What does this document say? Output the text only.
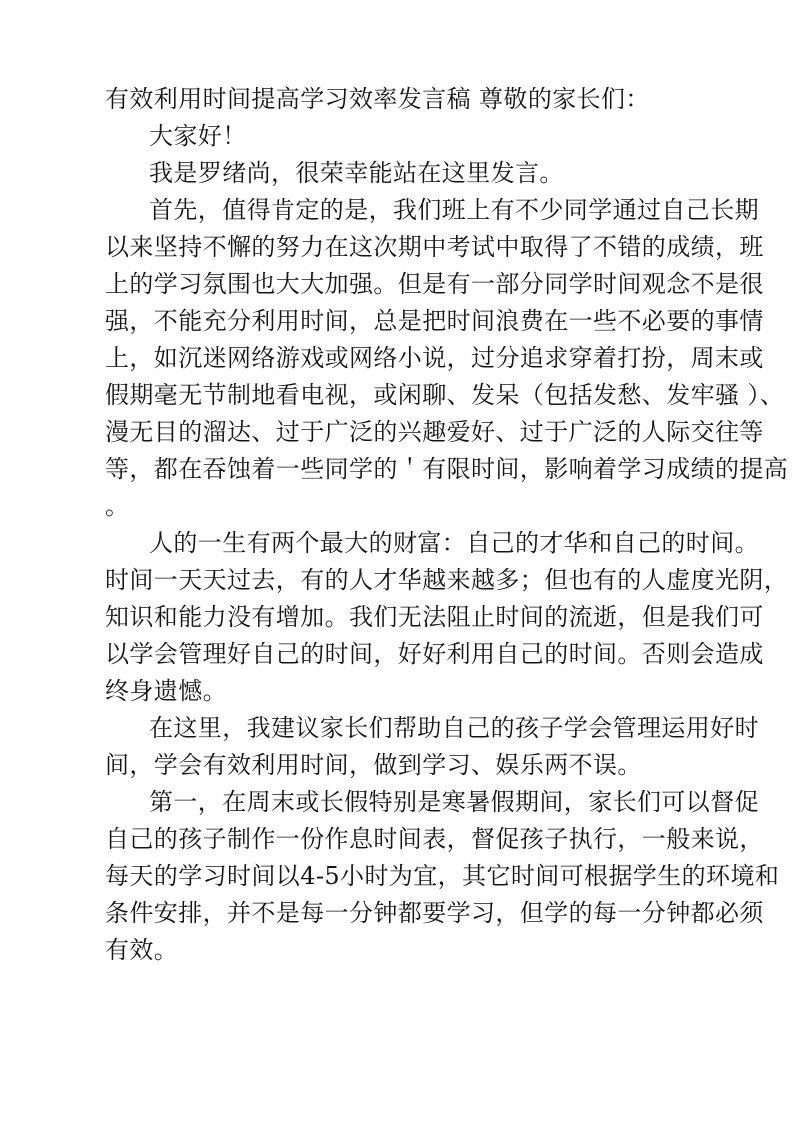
有效利用时间提高学习效率发言稿 尊敬的家长们：

大家好！

我是罗绪尚，很荣幸能站在这里发言。

首先，值得肯定的是，我们班上有不少同学通过自己长期

以来坚持不懈的努力在这次期中考试中取得了不错的成绩，班

上的学习氛围也大大加强。但是有一部分同学时间观念不是很

强，不能充分利用时间，总是把时间浪费在一些不必要的事情

上，如沉迷网络游戏或网络小说，过分追求穿着打扮，周末或

假期毫无节制地看电视，或闲聊、发呆（包括发愁、发牢骚 ）、

漫无目的溜达、过于广泛的兴趣爱好、过于广泛的人际交往等

等，都在吞蚀着一些同学的＇有限时间，影响着学习成绩的提高

。

人的一生有两个最大的财富：自己的才华和自己的时间。

时间一天天过去，有的人才华越来越多；但也有的人虚度光阴，

知识和能力没有增加。我们无法阻止时间的流逝，但是我们可

以学会管理好自己的时间，好好利用自己的时间。否则会造成

终身遗憾。

在这里，我建议家长们帮助自己的孩子学会管理运用好时

间，学会有效利用时间，做到学习、娱乐两不误。

第一，在周末或长假特别是寒暑假期间，家长们可以督促

自己的孩子制作一份作息时间表，督促孩子执行，一般来说，

每天的学习时间以4-5小时为宜，其它时间可根据学生的环境和

条件安排，并不是每一分钟都要学习，但学的每一分钟都必须

有效。
